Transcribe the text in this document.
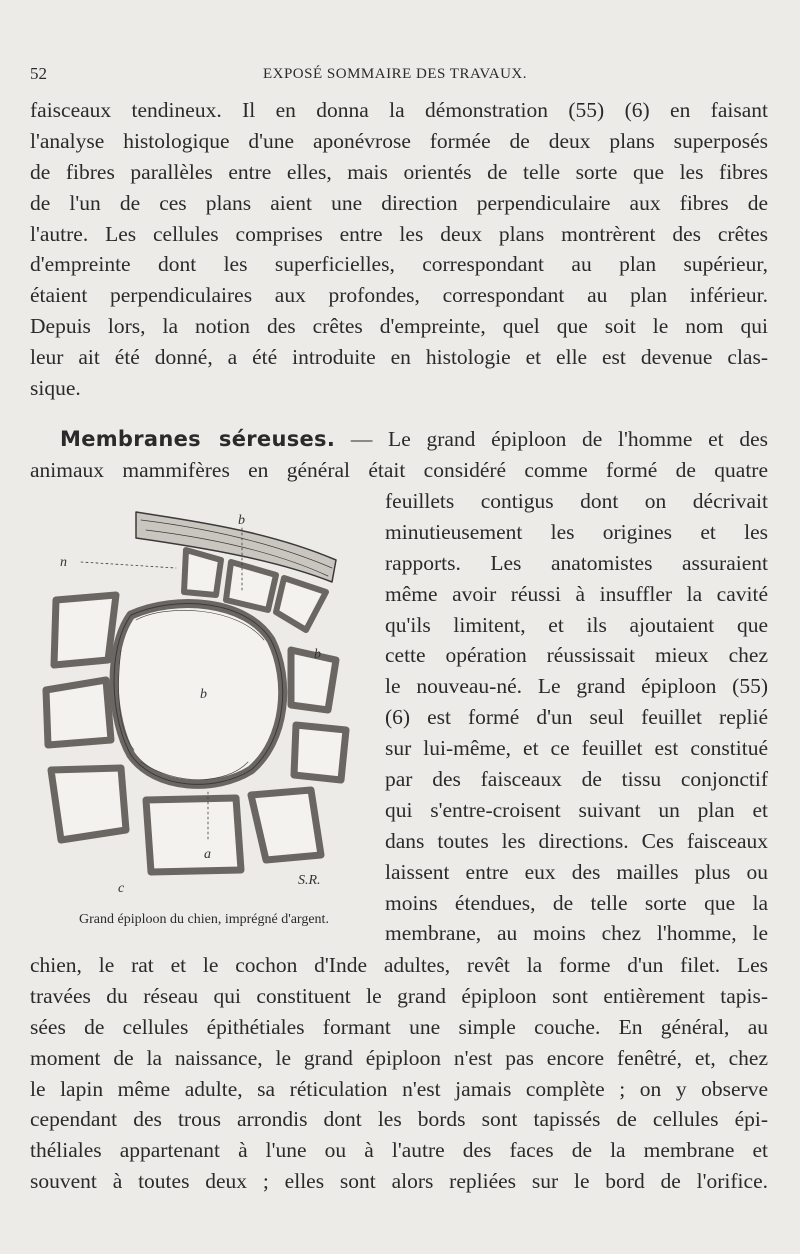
52	EXPOSÉ SOMMAIRE DES TRAVAUX.
faisceaux tendineux. Il en donna la démonstration (55) (6) en faisant
l'analyse histologique d'une aponévrose formée de deux plans superposés
de fibres parallèles entre elles, mais orientés de telle sorte que les fibres
de l'un de ces plans aient une direction perpendiculaire aux fibres de
l'autre. Les cellules comprises entre les deux plans montrèrent des crêtes
d'empreinte dont les superficielles, correspondant au plan supérieur,
étaient perpendiculaires aux profondes, correspondant au plan inférieur.
Depuis lors, la notion des crêtes d'empreinte, quel que soit le nom qui
leur ait été donné, a été introduite en histologie et elle est devenue clas-
sique.
Membranes séreuses. — Le grand épiploon de l'homme et des
animaux mammifères en général était considéré comme formé de quatre
feuillets contigus dont on décrivait
minutieusement les origines et les
rapports. Les anatomistes assuraient
même avoir réussi à insuffler la cavité
qu'ils limitent, et ils ajoutaient que
cette opération réussissait mieux chez
le nouveau-né. Le grand épiploon (55)
(6) est formé d'un seul feuillet replié
sur lui-même, et ce feuillet est constitué
par des faisceaux de tissu conjonctif
qui s'entre-croisent suivant un plan et
dans toutes les directions. Ces faisceaux
laissent entre eux des mailles plus ou
moins étendues, de telle sorte que la
membrane, au moins chez l'homme, le
n
b
b
b
a
c
S.R.
Grand épiploon du chien, imprégné d'argent.
chien, le rat et le cochon d'Inde adultes, revêt la forme d'un filet. Les
travées du réseau qui constituent le grand épiploon sont entièrement tapis-
sées de cellules épithétiales formant une simple couche. En général, au
moment de la naissance, le grand épiploon n'est pas encore fenêtré, et, chez
le lapin même adulte, sa réticulation n'est jamais complète ; on y observe
cependant des trous arrondis dont les bords sont tapissés de cellules épi-
théliales appartenant à l'une ou à l'autre des faces de la membrane et
souvent à toutes deux ; elles sont alors repliées sur le bord de l'orifice.
